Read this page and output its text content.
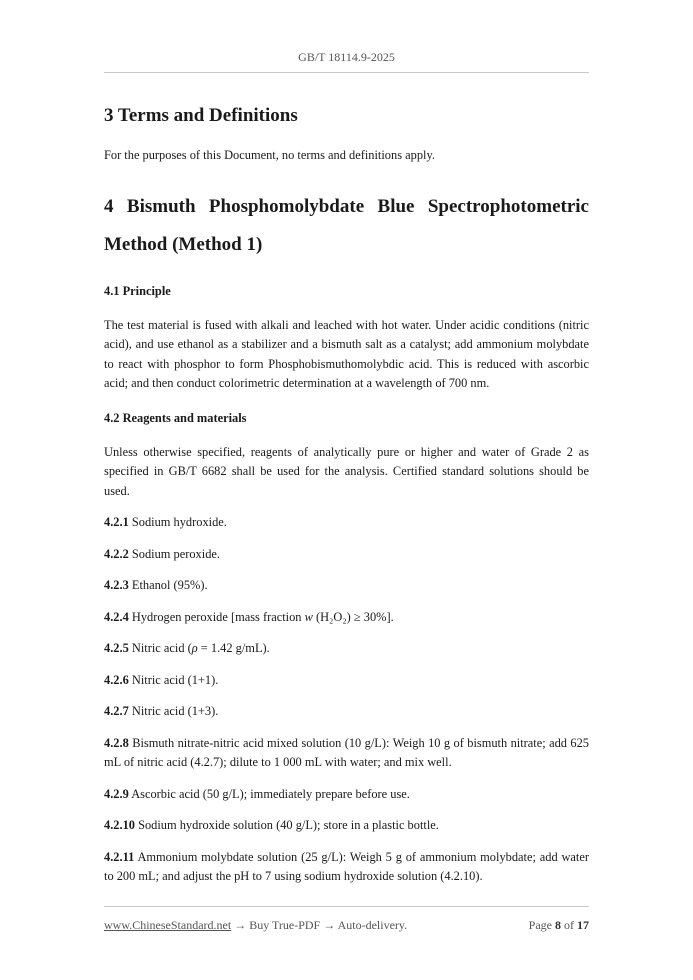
GB/T 18114.9-2025
3 Terms and Definitions

For the purposes of this Document, no terms and definitions apply.

4 Bismuth Phosphomolybdate Blue Spectrophotometric
Method (Method 1)
4.1 Principle

The test material is fused with alkali and leached with hot water. Under acidic conditions (nitric acid), and use ethanol as a stabilizer and a bismuth salt as a catalyst; add ammonium molybdate to react with phosphor to form Phosphobismuthomolybdic acid. This is reduced with ascorbic acid; and then conduct colorimetric determination at a wavelength of 700 nm.

4.2 Reagents and materials

Unless otherwise specified, reagents of analytically pure or higher and water of Grade 2 as specified in GB/T 6682 shall be used for the analysis. Certified standard solutions should be used.

4.2.1 Sodium hydroxide.

4.2.2 Sodium peroxide.

4.2.3 Ethanol (95%).

4.2.4 Hydrogen peroxide [mass fraction w (H₂O₂) ≥ 30%].

4.2.5 Nitric acid (ρ = 1.42 g/mL).

4.2.6 Nitric acid (1+1).

4.2.7 Nitric acid (1+3).

4.2.8 Bismuth nitrate-nitric acid mixed solution (10 g/L): Weigh 10 g of bismuth nitrate; add 625 mL of nitric acid (4.2.7); dilute to 1 000 mL with water; and mix well.

4.2.9 Ascorbic acid (50 g/L); immediately prepare before use.

4.2.10 Sodium hydroxide solution (40 g/L); store in a plastic bottle.

4.2.11 Ammonium molybdate solution (25 g/L): Weigh 5 g of ammonium molybdate; add water to 200 mL; and adjust the pH to 7 using sodium hydroxide solution (4.2.10).

www.ChineseStandard.net → Buy True-PDF → Auto-delivery.	Page 8 of 17
